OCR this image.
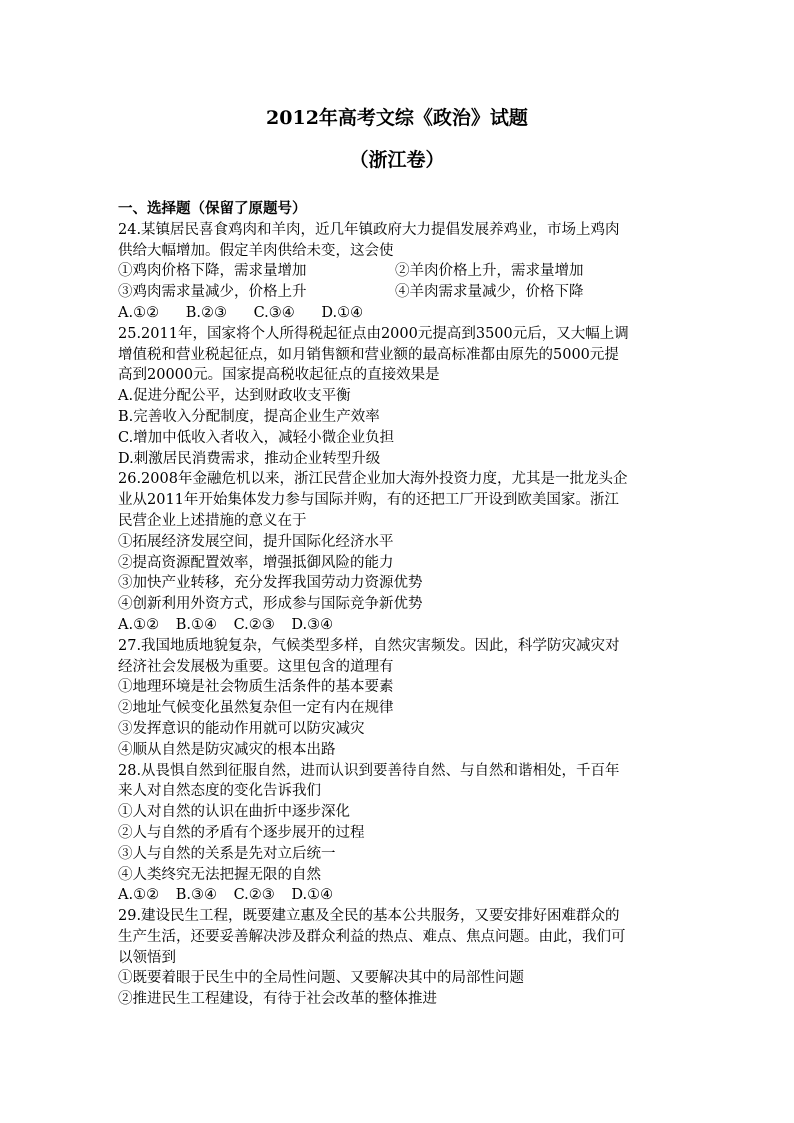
2012年高考文综《政治》试题
（浙江卷）
一、选择题（保留了原题号）
24.某镇居民喜食鸡肉和羊肉，近几年镇政府大力提倡发展养鸡业，市场上鸡肉
供给大幅增加。假定羊肉供给未变，这会使
①鸡肉价格下降，需求量增加	②羊肉价格上升，需求量增加
③鸡肉需求量减少，价格上升	④羊肉需求量减少，价格下降
A.①② B.②③ C.③④ D.①④
25.2011年，国家将个人所得税起征点由2000元提高到3500元后，又大幅上调
增值税和营业税起征点，如月销售额和营业额的最高标准都由原先的5000元提
高到20000元。国家提高税收起征点的直接效果是
A.促进分配公平，达到财政收支平衡
B.完善收入分配制度，提高企业生产效率
C.增加中低收入者收入，减轻小微企业负担
D.刺激居民消费需求，推动企业转型升级
26.2008年金融危机以来，浙江民营企业加大海外投资力度，尤其是一批龙头企
业从2011年开始集体发力参与国际并购，有的还把工厂开设到欧美国家。浙江
民营企业上述措施的意义在于
①拓展经济发展空间，提升国际化经济水平
②提高资源配置效率，增强抵御风险的能力
③加快产业转移，充分发挥我国劳动力资源优势
④创新利用外资方式，形成参与国际竞争新优势
A.①② B.①④ C.②③ D.③④
27.我国地质地貌复杂，气候类型多样，自然灾害频发。因此，科学防灾减灾对
经济社会发展极为重要。这里包含的道理有
①地理环境是社会物质生活条件的基本要素
②地址气候变化虽然复杂但一定有内在规律
③发挥意识的能动作用就可以防灾减灾
④顺从自然是防灾减灾的根本出路
28.从畏惧自然到征服自然，进而认识到要善待自然、与自然和谐相处，千百年
来人对自然态度的变化告诉我们
①人对自然的认识在曲折中逐步深化
②人与自然的矛盾有个逐步展开的过程
③人与自然的关系是先对立后统一
④人类终究无法把握无限的自然
A.①② B.③④ C.②③ D.①④
29.建设民生工程，既要建立惠及全民的基本公共服务，又要安排好困难群众的
生产生活，还要妥善解决涉及群众利益的热点、难点、焦点问题。由此，我们可
以领悟到
①既要着眼于民生中的全局性问题、又要解决其中的局部性问题
②推进民生工程建设，有待于社会改革的整体推进
